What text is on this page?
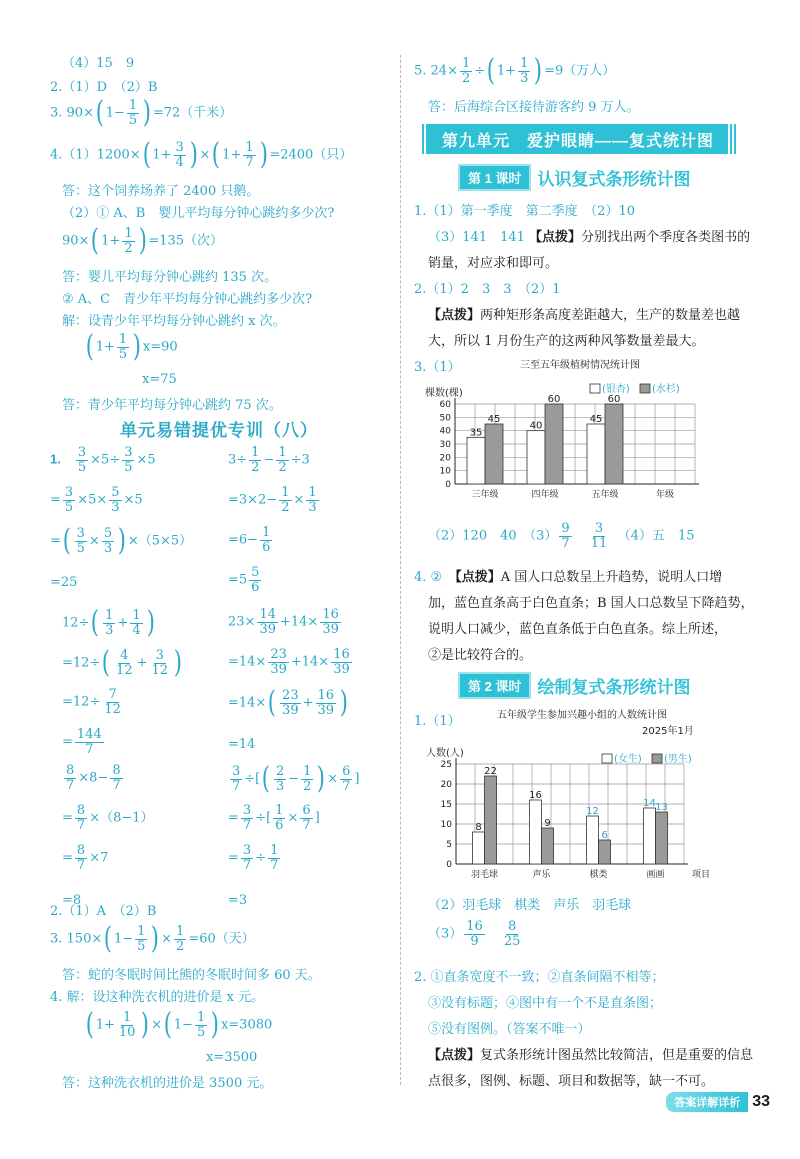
（4）15　9
2.（1）D　（2）B
3. 90×( $1- \frac{1}{5}$ ) =72（千米）
4.（1）1200×( $1+ \frac{3}{4}$ ) ×( $1+ \frac{1}{7}$ ) =2400（只）
答：这个饲养场养了 2400 只鹅。
（2）① A、B　婴儿平均每分钟心跳约多少次?
90×( $1+ \frac{1}{2}$ ) =135（次）
答：婴儿平均每分钟心跳约 135 次。
② A、C　青少年平均每分钟心跳约多少次?
解：设青少年平均每分钟心跳约 x 次。
( $1+ \frac{1}{5}$ ) x=90
x=75
答：青少年平均每分钟心跳约 75 次。
单元易错提优专训（八）
1.　 $\frac{3}{5} \times 5\div \frac{3}{5} \times 5$
= $\frac{3}{5} \times 5\times \frac{5}{3} \times 5$
=( $\frac{3}{5} \times \frac{5}{3}$ ) ×（5×5）
=25
$3\div \frac{1}{2} - \frac{1}{2} \div 3$
$=3\times 2- \frac{1}{2} \times \frac{1}{3}$
$=6- \frac{1}{6}$
$=5 \frac{5}{6}$
$12\div( \frac{1}{3} + \frac{1}{4}$ )
$=12\div( \frac{4}{12} + \frac{3}{12}$ )
$=12\div \frac{7}{12}$
= $\frac{144}{7}$
$23\times \frac{14}{39} +14\times \frac{16}{39}$
$=14\times \frac{23}{39} +14\times \frac{16}{39}$
$=14\times( \frac{23}{39} + \frac{16}{39}$ )
=14
$\frac{8}{7} \times 8- \frac{8}{7}$
= $\frac{8}{7} \times(8-1)$
= $\frac{8}{7} \times 7$
=8
$\frac{3}{7}$ ÷[( $\frac{2}{3} - \frac{1}{2}$ ) × $\frac{6}{7}$ ]
= $\frac{3}{7}$ ÷[ $\frac{1}{6} \times \frac{6}{7}$ ]
= $\frac{3}{7} \div \frac{1}{7}$
=3
2.（1）A　（2）B
3. 150×( $1- \frac{1}{5}$ ) × $\frac{1}{2} =60$（天）
答：蛇的冬眠时间比熊的冬眠时间多 60 天。
4. 解：设这种洗衣机的进价是 x 元。
( $1+ \frac{1}{10}$ ) ×( $1- \frac{1}{5}$ ) x=3080
x=3500
答：这种洗衣机的进价是 3500 元。
5. $24\times \frac{1}{2}$ ÷( $1+ \frac{1}{3}$ ) =9（万人）
答：后海综合区接待游客约 9 万人。
第九单元　爱护眼睛——复式统计图
第 1 课时 认识复式条形统计图
1.（1）第一季度　第二季度　（2）10
（3）141　141 【点拨】分别找出两个季度各类图书的
销量，对应求和即可。
2.（1）2　3　3　（2）1
【点拨】两种矩形条高度差距越大，生产的数量差也越
大，所以 1 月份生产的这两种风筝数量差最大。
3.（1）	三至五年级植树情况统计图
棵数(棵)
0
10
20
30
40
50
60
三年级
35
45
四年级
40
60
五年级
45
60
年级
(银杏) (水杉)
（2）120　40　$(3) \frac{9}{7}$
　 $\frac{3}{11}$
　 （4）五　15
4. ②　 【点拨】A 国人口总数呈上升趋势，说明人口增
加，蓝色直条高于白色直条；B 国人口总数呈下降趋势，
说明人口减少，蓝色直条低于白色直条。综上所述，
②是比较符合的。
第 2 课时 绘制复式条形统计图
1.（1）	五年级学生参加兴趣小组的人数统计图
2025年1月
人数(人)
0
5
10
15
20
25
羽毛球
8
22
声乐
16
9
棋类
12
6
画画
14 13
项目
(女生) (男生)
（2）羽毛球　棋类　声乐　羽毛球
$(3) \frac{16}{9}$
　 $\frac{8}{25}$
2. ①直条宽度不一致；②直条间隔不相等；
③没有标题；④图中有一个不是直条图；
⑤没有图例。（答案不唯一）
【点拨】复式条形统计图虽然比较简洁，但是重要的信息
点很多，图例、标题、项目和数据等，缺一不可。
答案详解详析 33
